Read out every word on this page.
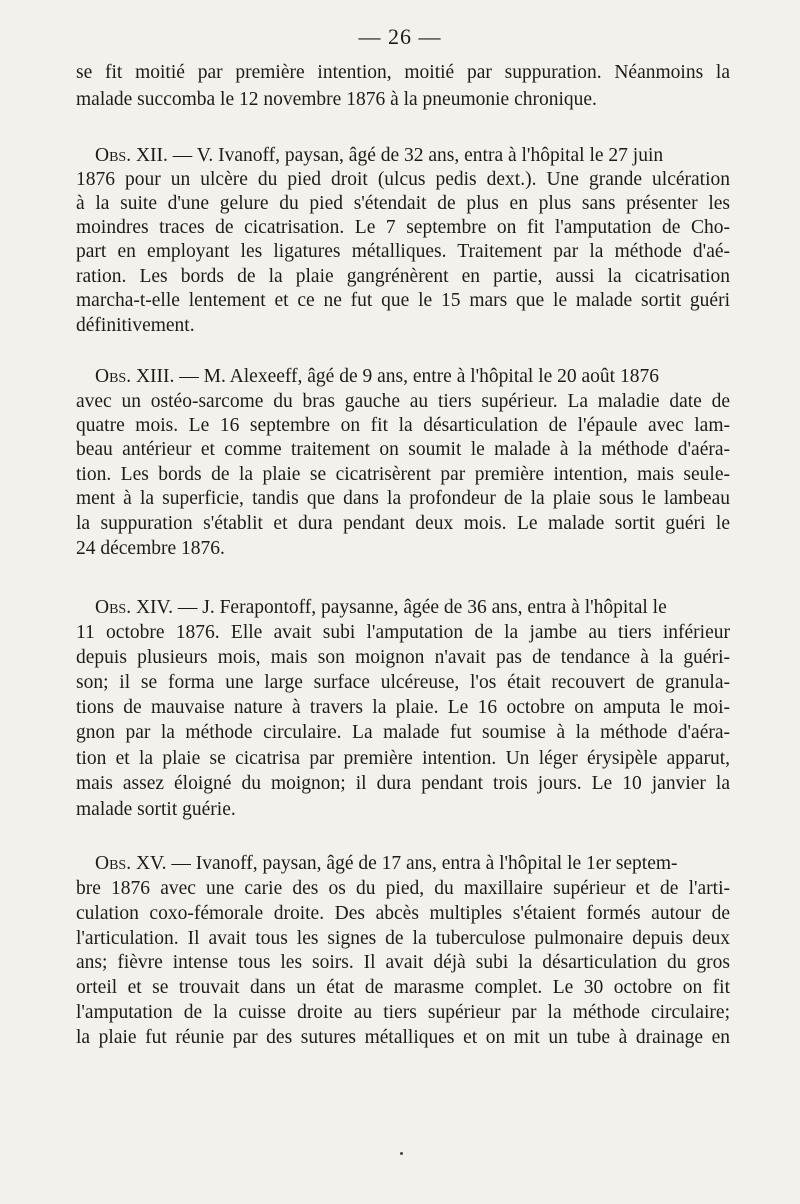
— 26 —
se fit moitié par première intention, moitié par suppuration. Néanmoins la
malade succomba le 12 novembre 1876 à la pneumonie chronique.
Obs. XII. — V. Ivanoff, paysan, âgé de 32 ans, entra à l'hôpital le 27 juin
1876 pour un ulcère du pied droit (ulcus pedis dext.). Une grande ulcération
à la suite d'une gelure du pied s'étendait de plus en plus sans présenter les
moindres traces de cicatrisation. Le 7 septembre on fit l'amputation de Cho-
part en employant les ligatures métalliques. Traitement par la méthode d'aé-
ration. Les bords de la plaie gangrénèrent en partie, aussi la cicatrisation
marcha-t-elle lentement et ce ne fut que le 15 mars que le malade sortit guéri
définitivement.
Obs. XIII. — M. Alexeeff, âgé de 9 ans, entre à l'hôpital le 20 août 1876
avec un ostéo-sarcome du bras gauche au tiers supérieur. La maladie date de
quatre mois. Le 16 septembre on fit la désarticulation de l'épaule avec lam-
beau antérieur et comme traitement on soumit le malade à la méthode d'aéra-
tion. Les bords de la plaie se cicatrisèrent par première intention, mais seule-
ment à la superficie, tandis que dans la profondeur de la plaie sous le lambeau
la suppuration s'établit et dura pendant deux mois. Le malade sortit guéri le
24 décembre 1876.
Obs. XIV. — J. Ferapontoff, paysanne, âgée de 36 ans, entra à l'hôpital le
11 octobre 1876. Elle avait subi l'amputation de la jambe au tiers inférieur
depuis plusieurs mois, mais son moignon n'avait pas de tendance à la guéri-
son; il se forma une large surface ulcéreuse, l'os était recouvert de granula-
tions de mauvaise nature à travers la plaie. Le 16 octobre on amputa le moi-
gnon par la méthode circulaire. La malade fut soumise à la méthode d'aéra-
tion et la plaie se cicatrisa par première intention. Un léger érysipèle apparut,
mais assez éloigné du moignon; il dura pendant trois jours. Le 10 janvier la
malade sortit guérie.
Obs. XV. — Ivanoff, paysan, âgé de 17 ans, entra à l'hôpital le 1er septem-
bre 1876 avec une carie des os du pied, du maxillaire supérieur et de l'arti-
culation coxo-fémorale droite. Des abcès multiples s'étaient formés autour de
l'articulation. Il avait tous les signes de la tuberculose pulmonaire depuis deux
ans; fièvre intense tous les soirs. Il avait déjà subi la désarticulation du gros
orteil et se trouvait dans un état de marasme complet. Le 30 octobre on fit
l'amputation de la cuisse droite au tiers supérieur par la méthode circulaire;
la plaie fut réunie par des sutures métalliques et on mit un tube à drainage en
